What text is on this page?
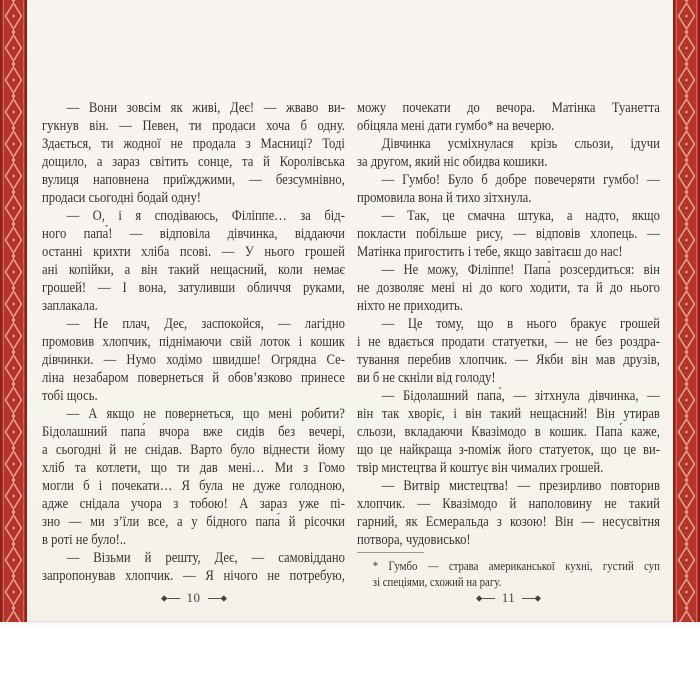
— Вони зовсім як живі, Деє! — жваво ви-
гукнув він. — Певен, ти продаси хоча б одну.
Здається, ти жодної не продала з Масниці? Тоді
дощило, а зараз світить сонце, та й Королівська
вулиця наповнена приїжджими, — безсумнівно,
продаси сьогодні бодай одну!
— О, і я сподіваюсь, Філіппе… за бід-
ного папа́! — відповіла дівчинка, віддаючи
останні крихти хліба псові. — У нього грошей
ані копійки, а він такий нещасний, коли немає
грошей! — І вона, затуливши обличчя руками,
заплакала.
— Не плач, Деє, заспокойся, — лагідно
промовив хлопчик, піднімаючи свій лоток і кошик
дівчинки. — Нумо ходімо швидше! Огрядна Се-
ліна незабаром повернеться й обов’язково принесе
тобі щось.
— А якщо не повернеться, що мені робити?
Бідолашний папа́ вчора вже сидів без вечері,
а сьогодні й не снідав. Варто було віднести йому
хліб та котлети, що ти дав мені… Ми з Гомо
могли б і почекати… Я була не дуже голодною,
адже снідала учора з тобою! А зараз уже пі-
зно — ми з’їли все, а у бідного папа́ й рісочки
в роті не було!..
— Візьми й решту, Деє, — самовіддано
запропонував хлопчик. — Я нічого не потребую,
можу почекати до вечора. Матінка Туанетта
обіцяла мені дати гумбо* на вечерю.
Дівчинка усміхнулася крізь сльози, ідучи
за другом, який ніс обидва кошики.
— Гумбо! Було б добре повечеряти гумбо! —
промовила вона й тихо зітхнула.
— Так, це смачна штука, а надто, якщо
покласти побільше рису, — відповів хлопець. —
Матінка пригостить і тебе, якщо завітаєш до нас!
— Не можу, Філіппе! Папа́ розсердиться: він
не дозволяє мені ні до кого ходити, та й до нього
ніхто не приходить.
— Це тому, що в нього бракує грошей
і не вдається продати статуетки, — не без роздра-
тування перебив хлопчик. — Якби він мав друзів,
ви б не скніли від голоду!
— Бідолашний папа́, — зітхнула дівчинка, —
він так хворіє, і він такий нещасний! Він утирав
сльози, вкладаючи Квазімодо в кошик. Папа́ каже,
що це найкраща з-поміж його статуеток, що це ви-
твір мистецтва й коштує він чималих грошей.
— Витвір мистецтва! — презирливо повторив
хлопчик. — Квазімодо й наполовину не такий
гарний, як Есмеральда з козою! Він — несусвітня
потвора, чудовисько!
* Гумбо — страва американської кухні, густий суп
зі спеціями, схожий на рагу.
10	11
